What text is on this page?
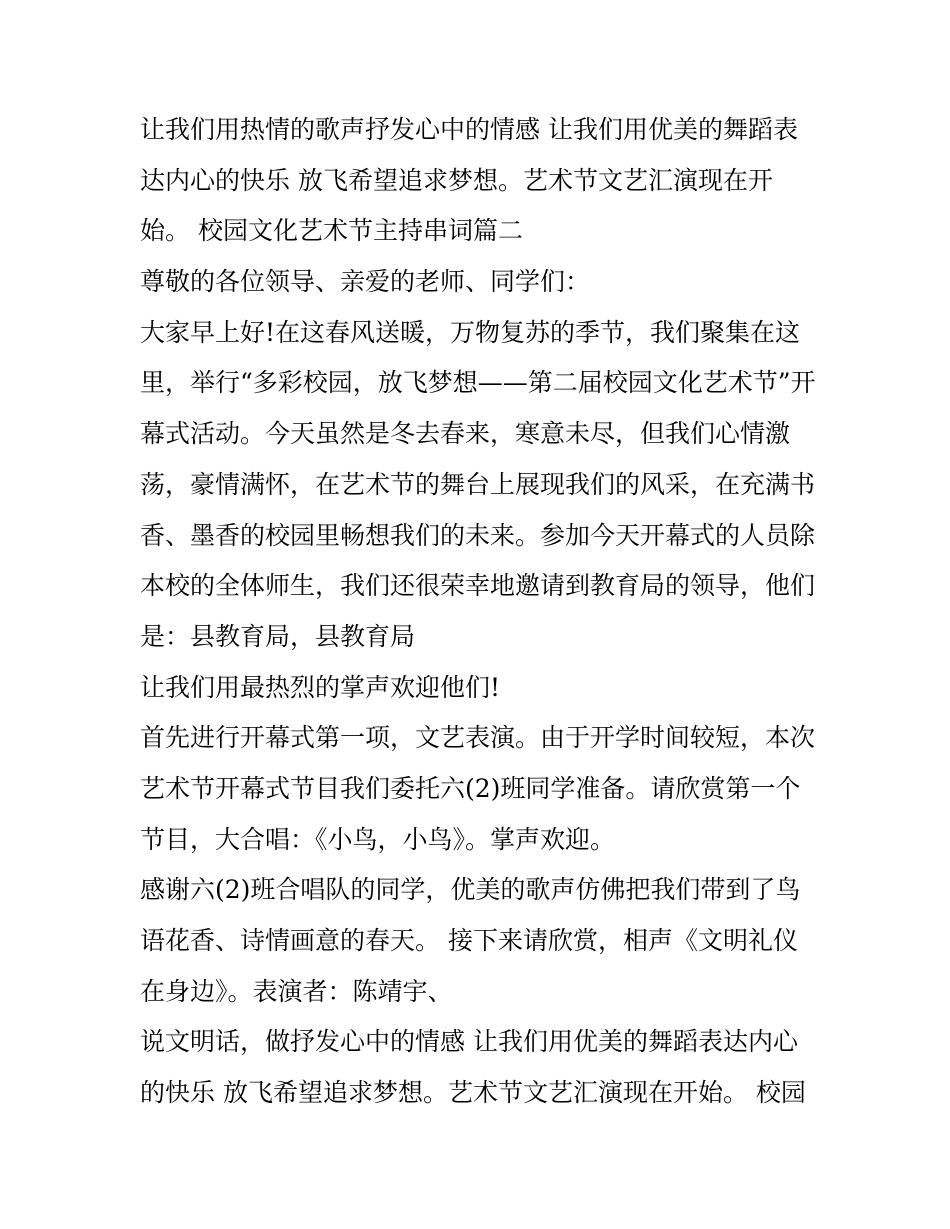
让我们用热情的歌声抒发心中的情感 让我们用优美的舞蹈表
达内心的快乐 放飞希望追求梦想。艺术节文艺汇演现在开
始。 校园文化艺术节主持串词篇二
尊敬的各位领导、亲爱的老师、同学们：
大家早上好!在这春风送暖，万物复苏的季节，我们聚集在这
里，举行“多彩校园，放飞梦想——第二届校园文化艺术节”开
幕式活动。今天虽然是冬去春来，寒意未尽，但我们心情激
荡，豪情满怀，在艺术节的舞台上展现我们的风采，在充满书
香、墨香的校园里畅想我们的未来。参加今天开幕式的人员除
本校的全体师生，我们还很荣幸地邀请到教育局的领导，他们
是：县教育局，县教育局
让我们用最热烈的掌声欢迎他们!
首先进行开幕式第一项，文艺表演。由于开学时间较短，本次
艺术节开幕式节目我们委托六(2)班同学准备。请欣赏第一个
节目，大合唱：《小鸟，小鸟》。掌声欢迎。
感谢六(2)班合唱队的同学，优美的歌声仿佛把我们带到了鸟
语花香、诗情画意的春天。 接下来请欣赏，相声《文明礼仪
在身边》。表演者：陈靖宇、
说文明话，做抒发心中的情感 让我们用优美的舞蹈表达内心
的快乐 放飞希望追求梦想。艺术节文艺汇演现在开始。 校园
